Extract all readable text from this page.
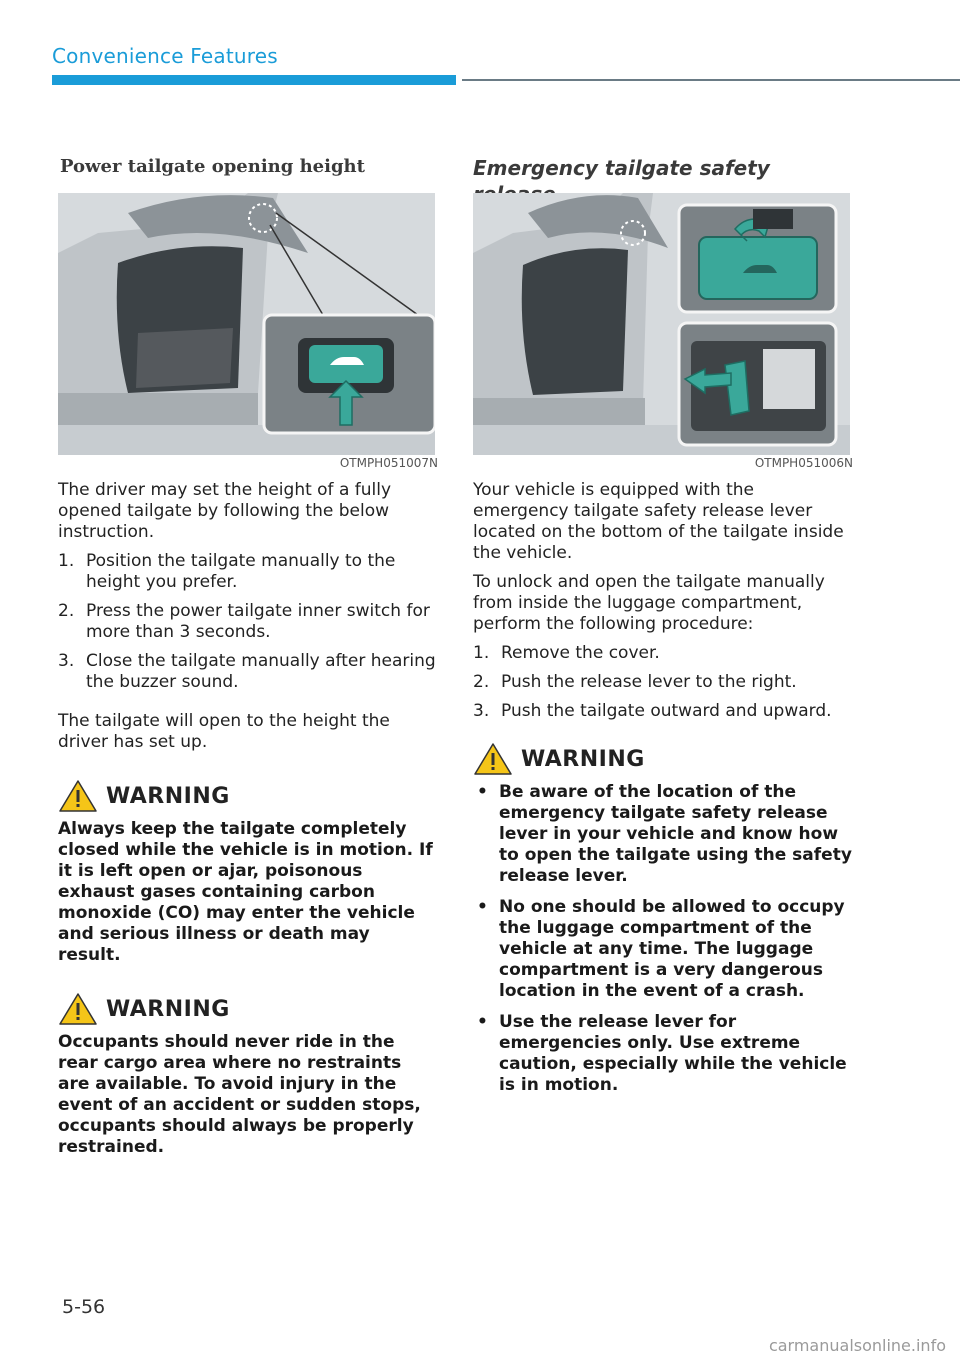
Convenience Features
Power tailgate opening height
OTMPH051007N

The driver may set the height of a fully opened tailgate by following the below instruction.

1. Position the tailgate manually to the height you prefer.
2. Press the power tailgate inner switch for more than 3 seconds.
3. Close the tailgate manually after hearing the buzzer sound.

The tailgate will open to the height the driver has set up.

WARNING
Always keep the tailgate completely closed while the vehicle is in motion. If it is left open or ajar, poisonous exhaust gases containing carbon monoxide (CO) may enter the vehicle and serious illness or death may result.
WARNING
Occupants should never ride in the rear cargo area where no restraints are available. To avoid injury in the event of an accident or sudden stops, occupants should always be properly restrained.
Emergency tailgate safety
OTMPH051006N

Your vehicle is equipped with the emergency tailgate safety release lever located on the bottom of the tailgate inside the vehicle.

To unlock and open the tailgate manually from inside the luggage compartment, perform the following procedure:

1. Remove the cover.
2. Push the release lever to the right.
3. Push the tailgate outward and upward.
WARNING
• Be aware of the location of the emergency tailgate safety release lever in your vehicle and know how to open the tailgate using the safety release lever.
• No one should be allowed to occupy the luggage compartment of the vehicle at any time. The luggage compartment is a very dangerous location in the event of a crash.
• Use the release lever for emergencies only. Use extreme caution, especially while the vehicle is in motion.
5-56
carmanualsonline.info
